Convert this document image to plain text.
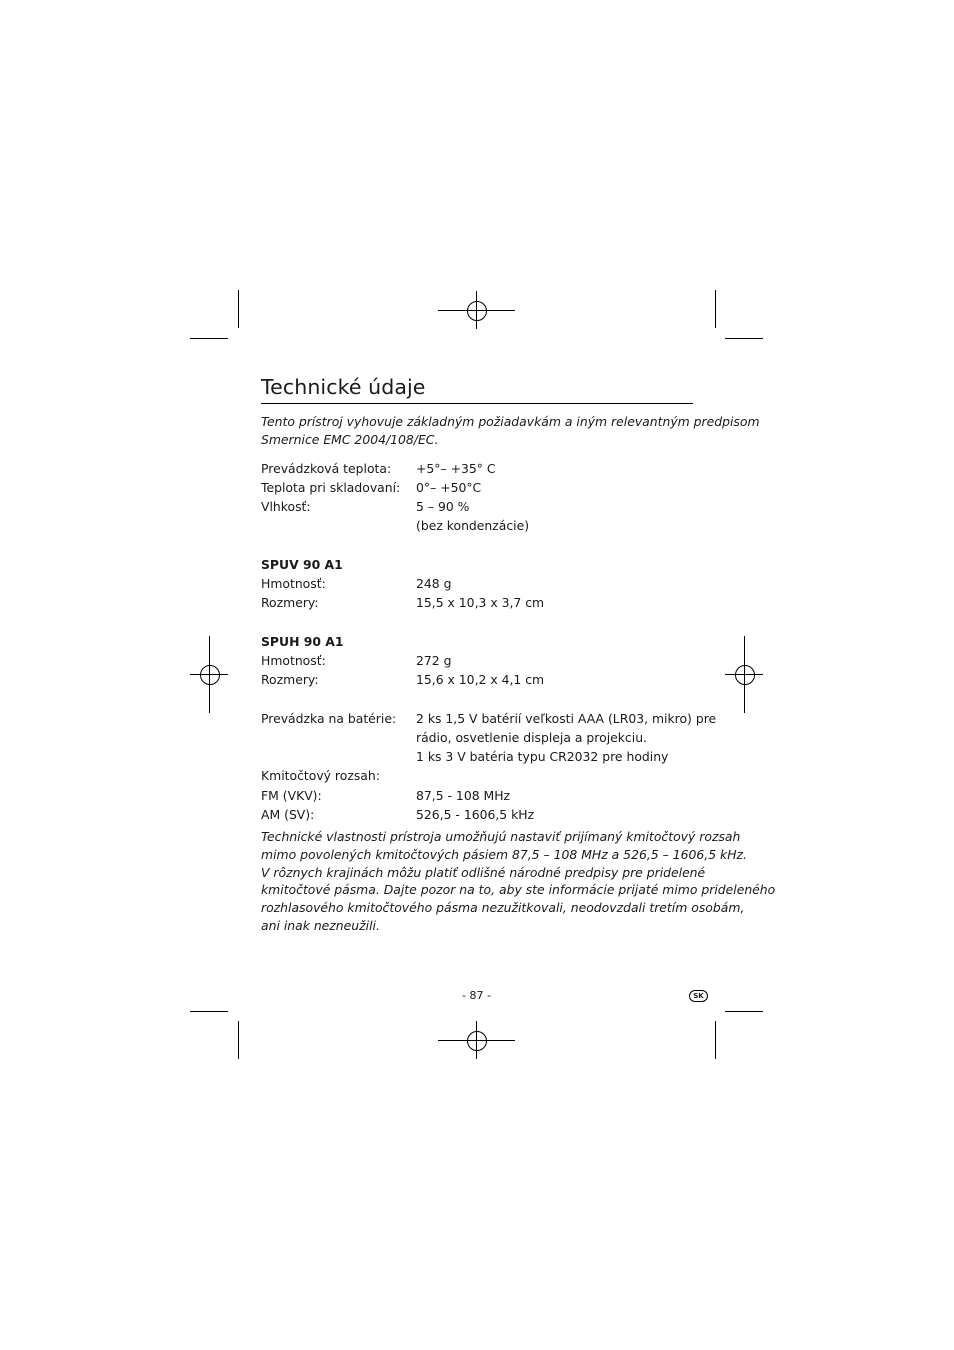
Technické údaje
Tento prístroj vyhovuje základným požiadavkám a iným relevantným predpisom
Smernice EMC 2004/108/EC.
Prevádzková teplota: +5°– +35° C
Teplota pri skladovaní: 0°– +50°C
Vlhkosť:	5 – 90 %
(bez kondenzácie)
SPUV 90 A1
Hmotnosť:	248 g
Rozmery:	15,5 x 10,3 x 3,7 cm
SPUH 90 A1
Hmotnosť:	272 g
Rozmery:	15,6 x 10,2 x 4,1 cm
Prevádzka na batérie: 2 ks 1,5 V batérií veľkosti AAA (LR03, mikro) pre
rádio, osvetlenie displeja a projekciu.
1 ks 3 V batéria typu CR2032 pre hodiny
Kmitočtový rozsah:
FM (VKV):	87,5 - 108 MHz
AM (SV):	526,5 - 1606,5 kHz
Technické vlastnosti prístroja umožňujú nastaviť prijímaný kmitočtový rozsah
mimo povolených kmitočtových pásiem 87,5 – 108 MHz a 526,5 – 1606,5 kHz.
V rôznych krajinách môžu platiť odlišné národné predpisy pre pridelené
kmitočtové pásma. Dajte pozor na to, aby ste informácie prijaté mimo prideleného
rozhlasového kmitočtového pásma nezužitkovali, neodovzdali tretím osobám,
ani inak nezneužili.
- 87 -	SK
